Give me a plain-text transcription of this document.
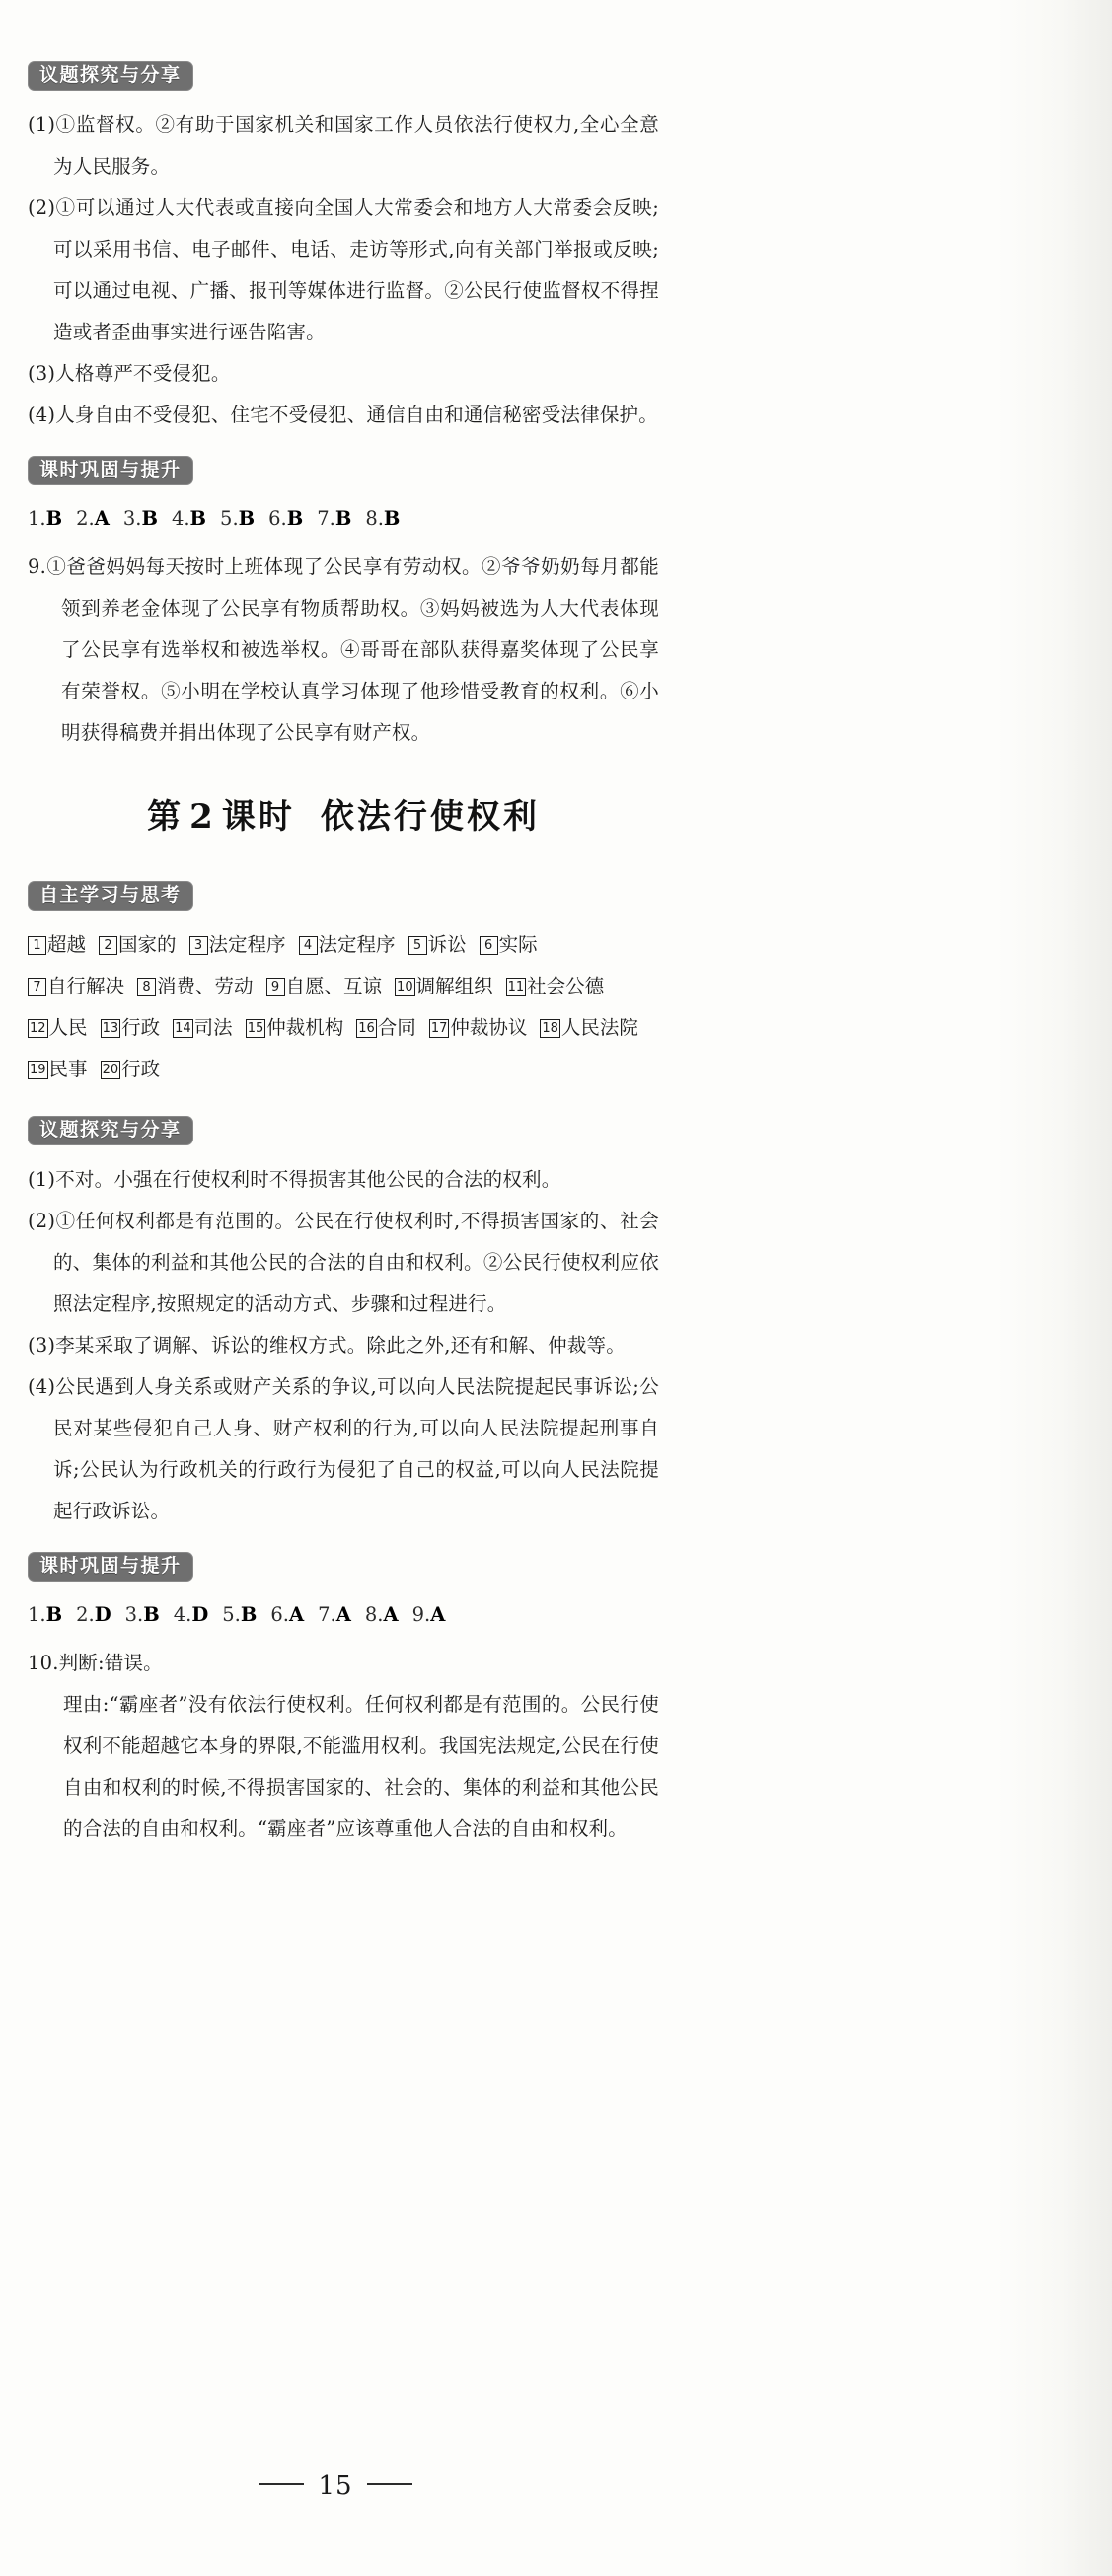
议题探究与分享

(1)①监督权。②有助于国家机关和国家工作人员依法行使权力,全心全意为人民服务。

(2)①可以通过人大代表或直接向全国人大常委会和地方人大常委会反映;可以采用书信、电子邮件、电话、走访等形式,向有关部门举报或反映;可以通过电视、广播、报刊等媒体进行监督。②公民行使监督权不得捏造或者歪曲事实进行诬告陷害。

(3)人格尊严不受侵犯。

(4)人身自由不受侵犯、住宅不受侵犯、通信自由和通信秘密受法律保护。

课时巩固与提升
1.B 2.A 3.B 4.B 5.B 6.B 7.B 8.B

9.①爸爸妈妈每天按时上班体现了公民享有劳动权。②爷爷奶奶每月都能领到养老金体现了公民享有物质帮助权。③妈妈被选为人大代表体现了公民享有选举权和被选举权。④哥哥在部队获得嘉奖体现了公民享有荣誉权。⑤小明在学校认真学习体现了他珍惜受教育的权利。⑥小明获得稿费并捐出体现了公民享有财产权。

第 2 课时 依法行使权利
自主学习与思考
1 超越 2 国家的 3 法定程序 4 法定程序 5 诉讼 6 实际7 自行解决 8 消费、劳动 9 自愿、互谅 10 调解组织 11 社会公德12 人民 13 行政 14 司法 15 仲裁机构 16 合同 17 仲裁协议 18 人民法院19 民事 20 行政
议题探究与分享

(1)不对。小强在行使权利时不得损害其他公民的合法的权利。

(2)①任何权利都是有范围的。公民在行使权利时,不得损害国家的、社会的、集体的利益和其他公民的合法的自由和权利。②公民行使权利应依照法定程序,按照规定的活动方式、步骤和过程进行。

(3)李某采取了调解、诉讼的维权方式。除此之外,还有和解、仲裁等。

(4)公民遇到人身关系或财产关系的争议,可以向人民法院提起民事诉讼;公民对某些侵犯自己人身、财产权利的行为,可以向人民法院提起刑事自诉;公民认为行政机关的行政行为侵犯了自己的权益,可以向人民法院提起行政诉讼。

课时巩固与提升
1.B 2.D 3.B 4.D 5.B 6.A 7.A 8.A 9.A

10.判断:错误。

理由:“霸座者”没有依法行使权利。任何权利都是有范围的。公民行使权利不能超越它本身的界限,不能滥用权利。我国宪法规定,公民在行使自由和权利的时候,不得损害国家的、社会的、集体的利益和其他公民的合法的自由和权利。“霸座者”应该尊重他人合法的自由和权利。

15
